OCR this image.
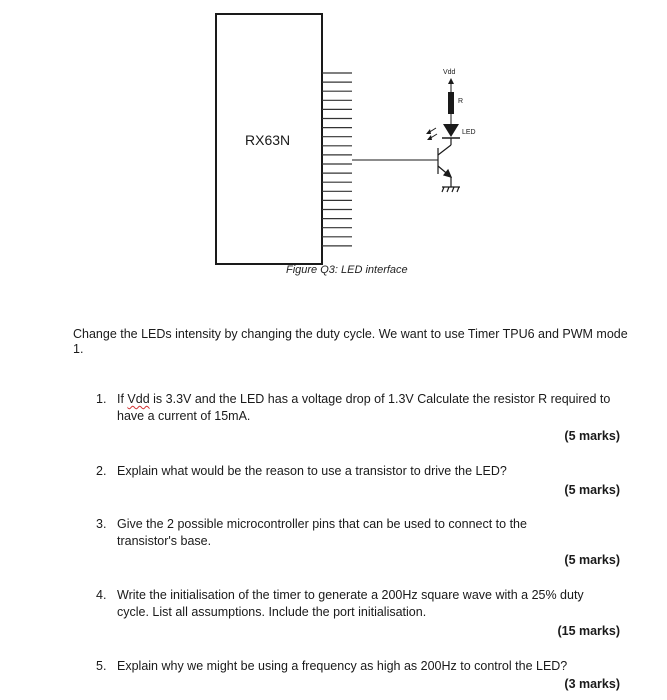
RX63N	LED
R
Vdd
Figure Q3: LED interface
Change the LEDs intensity by changing the duty cycle. We want to use Timer TPU6 and PWM mode 1.
1. If Vdd is 3.3V and the LED has a voltage drop of 1.3V Calculate the resistor R required to have a current of 15mA.
(5 marks)
2. Explain what would be the reason to use a transistor to drive the LED?
(5 marks)
3. Give the 2 possible microcontroller pins that can be used to connect to the transistor's base.
(5 marks)
4. Write the initialisation of the timer to generate a 200Hz square wave with a 25% duty cycle. List all assumptions. Include the port initialisation.
(15 marks)
5. Explain why we might be using a frequency as high as 200Hz to control the LED?
(3 marks)
